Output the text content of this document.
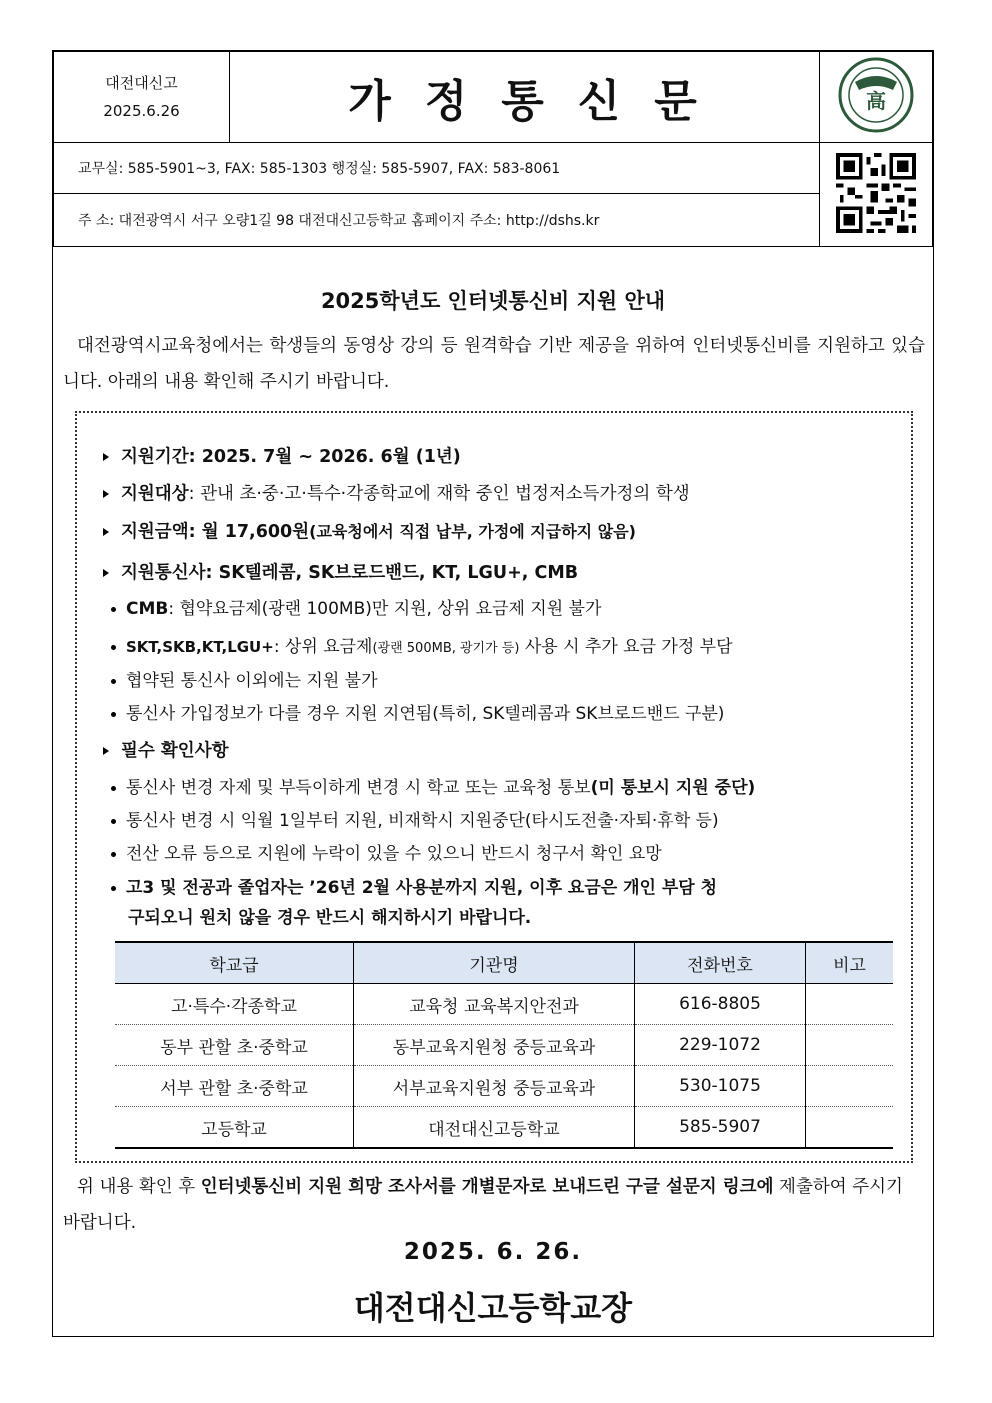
대전대신고
2025.6.26	가정통신문	高

교무실: 585-5901~3, FAX: 585-1303 행정실: 585-5907, FAX: 583-8061	
주 소: 대전광역시 서구 오량1길 98 대전대신고등학교 홈페이지 주소: http://dshs.kr		
2025학년도 인터넷통신비 지원 안내
대전광역시교육청에서는 학생들의 동영상 강의 등 원격학습 기반 제공을 위하여 인터넷통신비를 지원하고 있습니다. 아래의 내용 확인해 주시기 바랍니다.
지원기간: 2025. 7월 ~ 2026. 6월 (1년)
지원대상: 관내 초·중·고·특수·각종학교에 재학 중인 법정저소득가정의 학생
지원금액: 월 17,600원(교육청에서 직접 납부, 가정에 지급하지 않음)
지원통신사: SK텔레콤, SK브로드밴드, KT, LGU+, CMB
CMB: 협약요금제(광랜 100MB)만 지원, 상위 요금제 지원 불가
SKT,SKB,KT,LGU+: 상위 요금제(광랜 500MB, 광기가 등) 사용 시 추가 요금 가정 부담
협약된 통신사 이외에는 지원 불가
통신사 가입정보가 다를 경우 지원 지연됨(특히, SK텔레콤과 SK브로드밴드 구분)
필수 확인사항
통신사 변경 자제 및 부득이하게 변경 시 학교 또는 교육청 통보(미 통보시 지원 중단)
통신사 변경 시 익월 1일부터 지원, 비재학시 지원중단(타시도전출·자퇴·휴학 등)
전산 오류 등으로 지원에 누락이 있을 수 있으니 반드시 청구서 확인 요망
고3 및 전공과 졸업자는 ’26년 2월 사용분까지 지원, 이후 요금은 개인 부담 청
구되오니 원치 않을 경우 반드시 해지하시기 바랍니다.
학교급	기관명	전화번호	비고
고·특수·각종학교	교육청 교육복지안전과	616-8805	
동부 관할 초·중학교	동부교육지원청 중등교육과	229-1072	
서부 관할 초·중학교	서부교육지원청 중등교육과	530-1075	
고등학교	대전대신고등학교	585-5907	
위 내용 확인 후 인터넷통신비 지원 희망 조사서를 개별문자로 보내드린 구글 설문지 링크에 제출하여 주시기 바랍니다.
2025. 6. 26.
대전대신고등학교장
